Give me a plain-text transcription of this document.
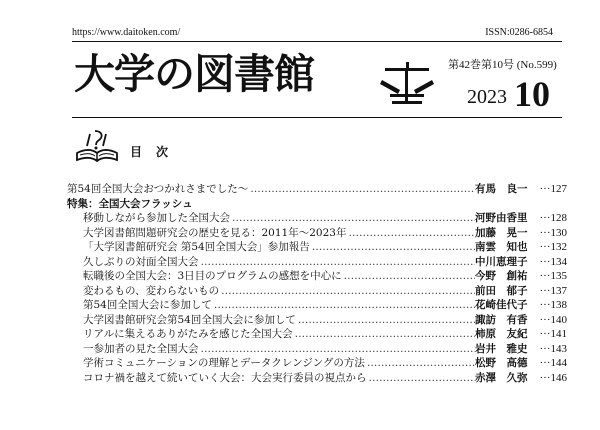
https://www.daitoken.com/	ISSN:0286-6854
大学の図書館	第42巻第10号 (No.599)
2023 10
目　次
第54回全国大会おつかれさまでした～ …………………………………………………………………………………………………………………………………………………………………………………………………………	有馬　良一	···127
特集：全国大会フラッシュ
移動しながら参加した全国大会 …………………………………………………………………………………………………………………………………………………………………………………………………………	河野由香里	···128
大学図書館問題研究会の歴史を見る：2011年～2023年 …………………………………………………………………………………………………………………………………………………………………………………………………………	加藤　晃一	···130
「大学図書館研究会 第54回全国大会」参加報告 …………………………………………………………………………………………………………………………………………………………………………………………………………	南雲　知也	···132
久しぶりの対面全国大会 …………………………………………………………………………………………………………………………………………………………………………………………………………	中川恵理子	···134
転職後の全国大会：3日目のプログラムの感想を中心に …………………………………………………………………………………………………………………………………………………………………………………………………………	今野　創祐	···135
変わるもの、変わらないもの …………………………………………………………………………………………………………………………………………………………………………………………………………	前田　郁子	···137
第54回全国大会に参加して …………………………………………………………………………………………………………………………………………………………………………………………………………	花崎佳代子	···138
大学図書館研究会第54回全国大会に参加して …………………………………………………………………………………………………………………………………………………………………………………………………………	諏訪　有香	···140
リアルに集えるありがたみを感じた全国大会 …………………………………………………………………………………………………………………………………………………………………………………………………………	柿原　友紀	···141
一参加者の見た全国大会 …………………………………………………………………………………………………………………………………………………………………………………………………………	岩井　雅史	···143
学術コミュニケーションの理解とデータクレンジングの方法 …………………………………………………………………………………………………………………………………………………………………………………………………………	松野　高德	···144
コロナ禍を越えて続いていく大会：大会実行委員の視点から …………………………………………………………………………………………………………………………………………………………………………………………………………	赤澤　久弥	···146
